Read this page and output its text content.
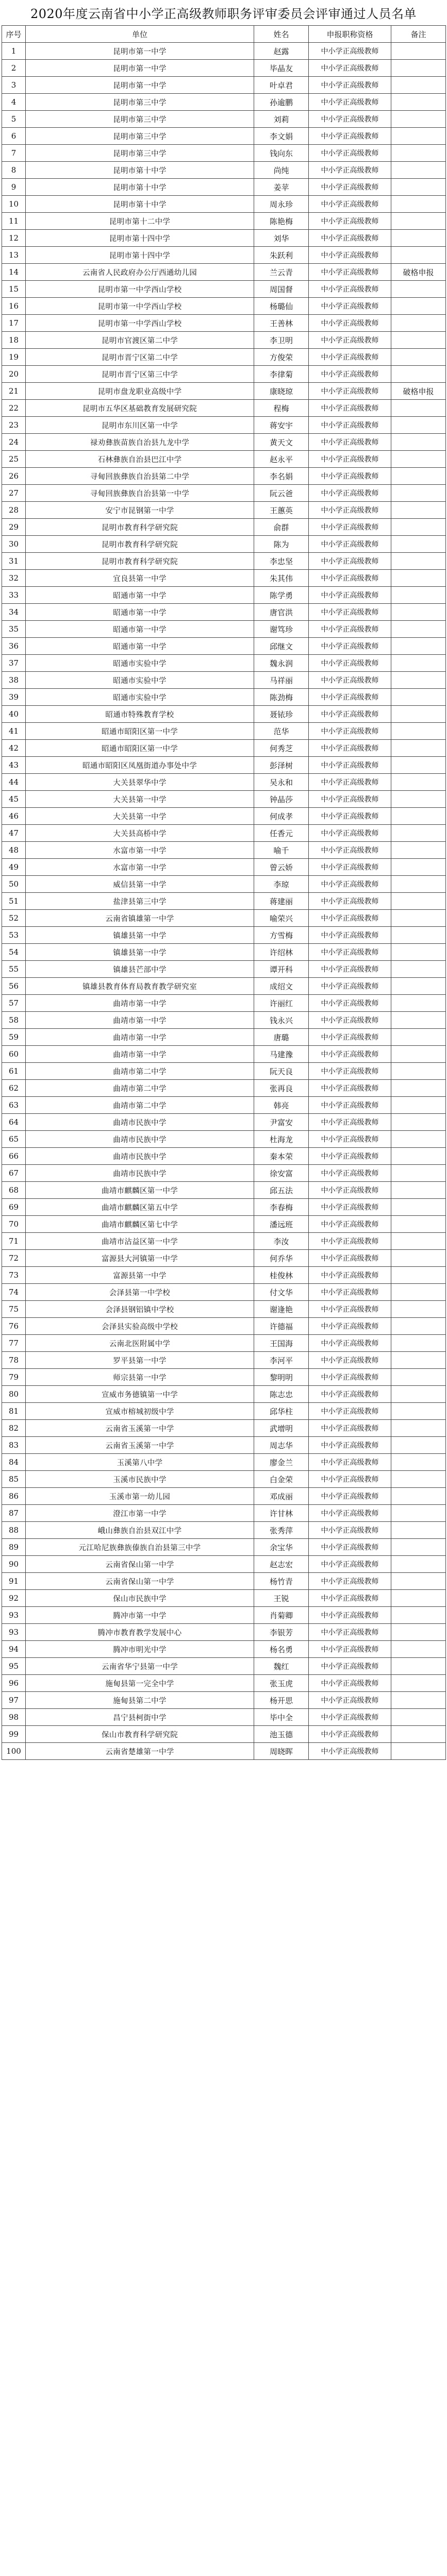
2020年度云南省中小学正高级教师职务评审委员会评审通过人员名单
序号	单位	姓名	申报职称资格	备注
1	昆明市第一中学	赵露	中小学正高级教师	
2	昆明市第一中学	毕晶友	中小学正高级教师	
3	昆明市第一中学	叶卓君	中小学正高级教师	
4	昆明市第三中学	孙逾鹏	中小学正高级教师	
5	昆明市第三中学	刘莉	中小学正高级教师	
6	昆明市第三中学	李文娟	中小学正高级教师	
7	昆明市第三中学	钱向东	中小学正高级教师	
8	昆明市第十中学	尚纯	中小学正高级教师	
9	昆明市第十中学	姜苹	中小学正高级教师	
10	昆明市第十中学	周永珍	中小学正高级教师	
11	昆明市第十二中学	陈艳梅	中小学正高级教师	
12	昆明市第十四中学	刘华	中小学正高级教师	
13	昆明市第十四中学	朱跃利	中小学正高级教师	
14	云南省人民政府办公厅西通幼儿园	兰云青	中小学正高级教师	破格申报
15	昆明市第一中学西山学校	周国督	中小学正高级教师	
16	昆明市第一中学西山学校	杨璐仙	中小学正高级教师	
17	昆明市第一中学西山学校	王善林	中小学正高级教师	
18	昆明市官渡区第二中学	李卫明	中小学正高级教师	
19	昆明市晋宁区第二中学	方俊荣	中小学正高级教师	
20	昆明市晋宁区第三中学	李律菊	中小学正高级教师	
21	昆明市盘龙职业高级中学	康晓琼	中小学正高级教师	破格申报
22	昆明市五华区基础教育发展研究院	程梅	中小学正高级教师	
23	昆明市东川区第一中学	蒋安宇	中小学正高级教师	
24	禄劝彝族苗族自治县九龙中学	黄天文	中小学正高级教师	
25	石林彝族自治县巴江中学	赵永平	中小学正高级教师	
26	寻甸回族彝族自治县第二中学	李名娟	中小学正高级教师	
27	寻甸回族彝族自治县第一中学	阮云爸	中小学正高级教师	
28	安宁市昆钢第一中学	王蕙英	中小学正高级教师	
29	昆明市教育科学研究院	俞群	中小学正高级教师	
30	昆明市教育科学研究院	陈为	中小学正高级教师	
31	昆明市教育科学研究院	李忠坚	中小学正高级教师	
32	宜良县第一中学	朱其伟	中小学正高级教师	
33	昭通市第一中学	陈学勇	中小学正高级教师	
34	昭通市第一中学	唐官洪	中小学正高级教师	
35	昭通市第一中学	谢笃珍	中小学正高级教师	
36	昭通市第一中学	邱继文	中小学正高级教师	
37	昭通市实验中学	魏永润	中小学正高级教师	
38	昭通市实验中学	马祥丽	中小学正高级教师	
39	昭通市实验中学	陈劲梅	中小学正高级教师	
40	昭通市特殊教育学校	聂铱珍	中小学正高级教师	
41	昭通市昭阳区第一中学	范华	中小学正高级教师	
42	昭通市昭阳区第一中学	何秀芝	中小学正高级教师	
43	昭通市昭阳区凤凰街道办事处中学	彭泽树	中小学正高级教师	
44	大关县翠华中学	吴永和	中小学正高级教师	
45	大关县第一中学	钟晶莎	中小学正高级教师	
46	大关县第一中学	何成孝	中小学正高级教师	
47	大关县高桥中学	任香元	中小学正高级教师	
48	水富市第一中学	喻千	中小学正高级教师	
49	水富市第一中学	曾云娇	中小学正高级教师	
50	威信县第一中学	李琼	中小学正高级教师	
51	盐津县第三中学	蒋建丽	中小学正高级教师	
52	云南省镇雄第一中学	喻荣兴	中小学正高级教师	
53	镇雄县第一中学	方雪梅	中小学正高级教师	
54	镇雄县第一中学	许绍林	中小学正高级教师	
55	镇雄县芒部中学	谭开科	中小学正高级教师	
56	镇雄县教育体育局教育教学研究室	成绍文	中小学正高级教师	
57	曲靖市第一中学	许丽红	中小学正高级教师	
58	曲靖市第一中学	钱永兴	中小学正高级教师	
59	曲靖市第一中学	唐璐	中小学正高级教师	
60	曲靖市第一中学	马建豫	中小学正高级教师	
61	曲靖市第二中学	阮天良	中小学正高级教师	
62	曲靖市第二中学	张再良	中小学正高级教师	
63	曲靖市第二中学	韩亮	中小学正高级教师	
64	曲靖市民族中学	尹富安	中小学正高级教师	
65	曲靖市民族中学	杜海龙	中小学正高级教师	
66	曲靖市民族中学	秦本荣	中小学正高级教师	
67	曲靖市民族中学	徐安富	中小学正高级教师	
68	曲靖市麒麟区第一中学	邱五法	中小学正高级教师	
69	曲靖市麒麟区第五中学	李春梅	中小学正高级教师	
70	曲靖市麒麟区第七中学	潘远班	中小学正高级教师	
71	曲靖市沾益区第一中学	李汝	中小学正高级教师	
72	富源县大河镇第一中学	何乔华	中小学正高级教师	
73	富源县第一中学	桂俊林	中小学正高级教师	
74	会泽县第一中学校	付文华	中小学正高级教师	
75	会泽县钢铝镇中学校	谢逢艳	中小学正高级教师	
76	会泽县实验高级中学校	许德福	中小学正高级教师	
77	云南北医附属中学	王国海	中小学正高级教师	
78	罗平县第一中学	李河平	中小学正高级教师	
79	师宗县第一中学	黎明明	中小学正高级教师	
80	宣威市务德镇第一中学	陈志忠	中小学正高级教师	
81	宣威市榕城初级中学	邱华柱	中小学正高级教师	
82	云南省玉溪第一中学	武增明	中小学正高级教师	
83	云南省玉溪第一中学	周志华	中小学正高级教师	
84	玉溪第八中学	廖金兰	中小学正高级教师	
85	玉溪市民族中学	白金荣	中小学正高级教师	
86	玉溪市第一幼儿园	邓成丽	中小学正高级教师	
87	澄江市第一中学	许甘林	中小学正高级教师	
88	峨山彝族自治县双江中学	张秀萍	中小学正高级教师	
89	元江哈尼族彝族傣族自治县第三中学	余宝华	中小学正高级教师	
90	云南省保山第一中学	赵志宏	中小学正高级教师	
91	云南省保山第一中学	杨竹青	中小学正高级教师	
92	保山市民族中学	王锐	中小学正高级教师	
93	腾冲市第一中学	肖菊卿	中小学正高级教师	
93	腾冲市教育教学发展中心	李银芳	中小学正高级教师	
94	腾冲市明光中学	杨名勇	中小学正高级教师	
95	云南省华宁县第一中学	魏红	中小学正高级教师	
96	施甸县第一完全中学	张玉虎	中小学正高级教师	
97	施甸县第二中学	杨开思	中小学正高级教师	
98	昌宁县柯街中学	毕中全	中小学正高级教师	
99	保山市教育科学研究院	池玉德	中小学正高级教师	
100	云南省楚雄第一中学	周晓晖	中小学正高级教师	
